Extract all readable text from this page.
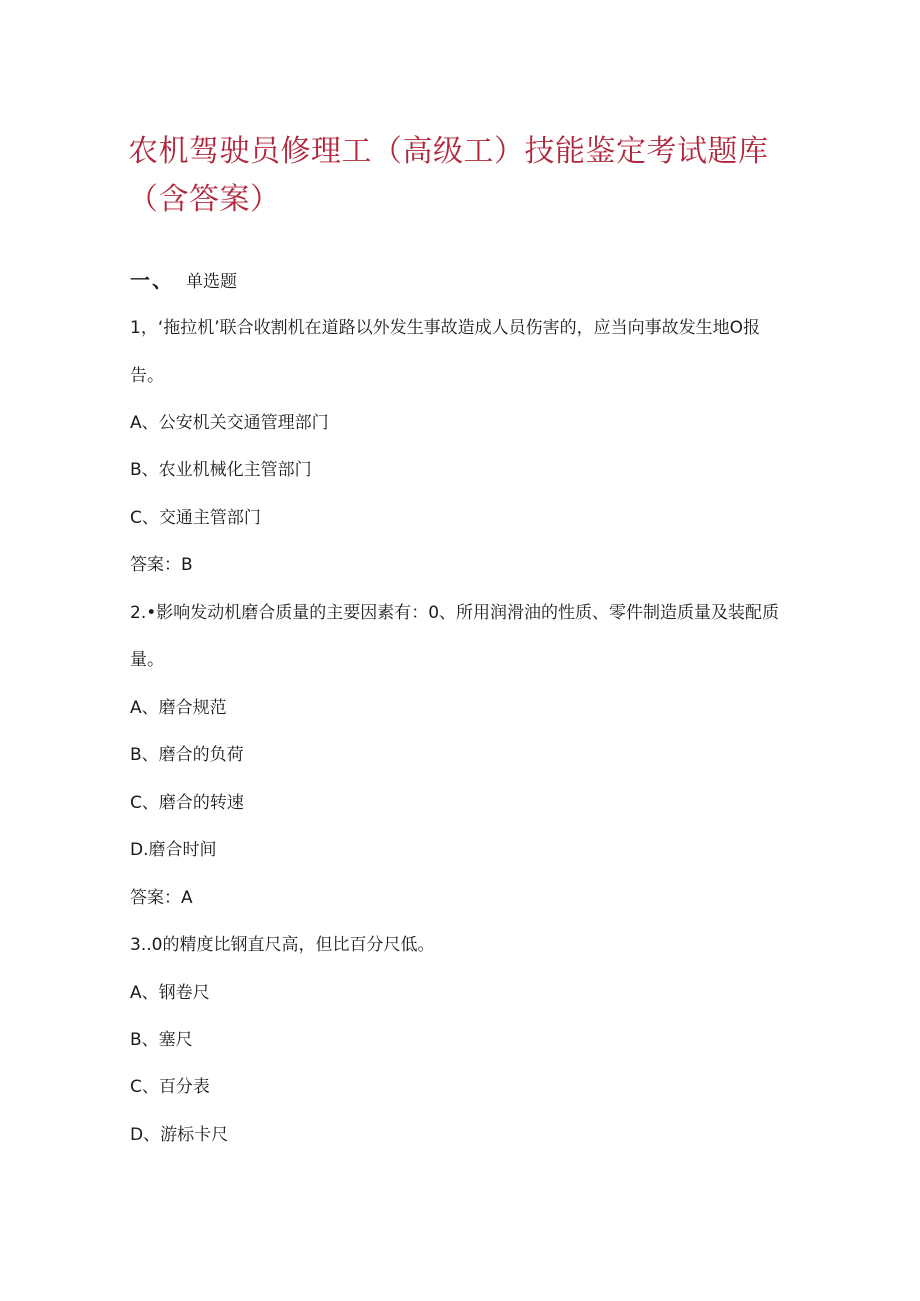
农机驾驶员修理工（高级工）技能鉴定考试题库（含答案）
一、 单选题
1，‘拖拉机’联合收割机在道路以外发生事故造成人员伤害的，应当向事故发生地O报
告。
A、公安机关交通管理部门
B、农业机械化主管部门
C、交通主管部门
答案：B
2.•影响发动机磨合质量的主要因素有：0、所用润滑油的性质、零件制造质量及装配质
量。
A、磨合规范
B、磨合的负荷
C、磨合的转速
D.磨合时间
答案：A
3..0的精度比钢直尺高，但比百分尺低。
A、钢卷尺
B、塞尺
C、百分表
D、游标卡尺
